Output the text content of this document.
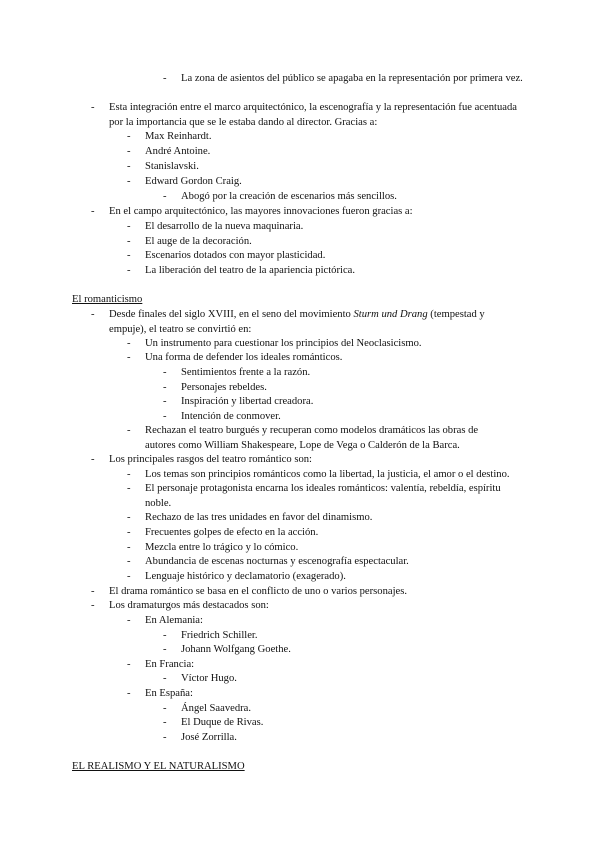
- La zona de asientos del público se apagaba en la representación por primera vez.
- Esta integración entre el marco arquitectónico, la escenografía y la representación fue acentuada por la importancia que se le estaba dando al director. Gracias a:
- Max Reinhardt.
- André Antoine.
- Stanislavski.
- Edward Gordon Craig.
- Abogó por la creación de escenarios más sencillos.
- En el campo arquitectónico, las mayores innovaciones fueron gracias a:
- El desarrollo de la nueva maquinaria.
- El auge de la decoración.
- Escenarios dotados con mayor plasticidad.
- La liberación del teatro de la apariencia pictórica.
El romanticismo
- Desde finales del siglo XVIII, en el seno del movimiento Sturm und Drang (tempestad y empuje), el teatro se convirtió en:
- Un instrumento para cuestionar los principios del Neoclasicismo.
- Una forma de defender los ideales románticos.
- Sentimientos frente a la razón.
- Personajes rebeldes.
- Inspiración y libertad creadora.
- Intención de conmover.
- Rechazan el teatro burgués y recuperan como modelos dramáticos las obras de autores como William Shakespeare, Lope de Vega o Calderón de la Barca.
- Los principales rasgos del teatro romántico son:
- Los temas son principios románticos como la libertad, la justicia, el amor o el destino.
- El personaje protagonista encarna los ideales románticos: valentía, rebeldía, espíritu noble.
- Rechazo de las tres unidades en favor del dinamismo.
- Frecuentes golpes de efecto en la acción.
- Mezcla entre lo trágico y lo cómico.
- Abundancia de escenas nocturnas y escenografía espectacular.
- Lenguaje histórico y declamatorio (exagerado).
- El drama romántico se basa en el conflicto de uno o varios personajes.
- Los dramaturgos más destacados son:
- En Alemania:
- Friedrich Schiller.
- Johann Wolfgang Goethe.
- En Francia:
- Víctor Hugo.
- En España:
- Ángel Saavedra.
- El Duque de Rivas.
- José Zorrilla.
EL REALISMO Y EL NATURALISMO
